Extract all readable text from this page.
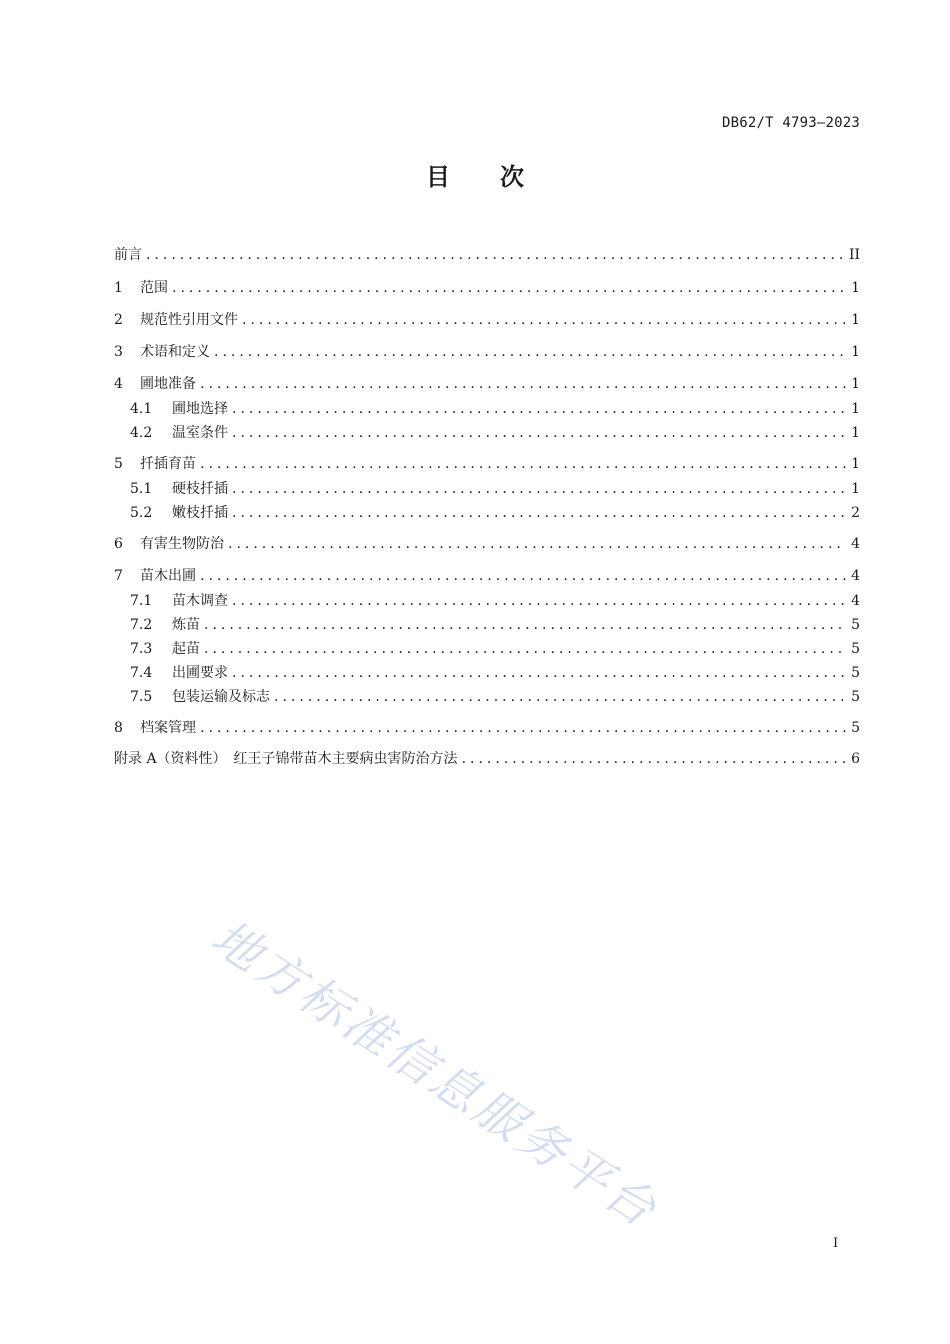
DB62/T 4793—2023
目次
前言 .....	II
1	范围 .....	1
2	规范性引用文件 .....	1
3	术语和定义 .....	1
4	圃地准备 .....	1
4.1	圃地选择 .....	1
4.2	温室条件 .....	1
5	扦插育苗 .....	1
5.1	硬枝扦插 .....	1
5.2	嫩枝扦插 .....	2
6	有害生物防治 .....	4
7	苗木出圃 .....	4
7.1	苗木调查 .....	4
7.2	炼苗 .....	5
7.3	起苗 .....	5
7.4	出圃要求 .....	5
7.5	包装运输及标志 .....	5
8	档案管理 .....	5
附录 A（资料性）　红王子锦带苗木主要病虫害防治方法 .....	6
地方标准信息服务平台
I
